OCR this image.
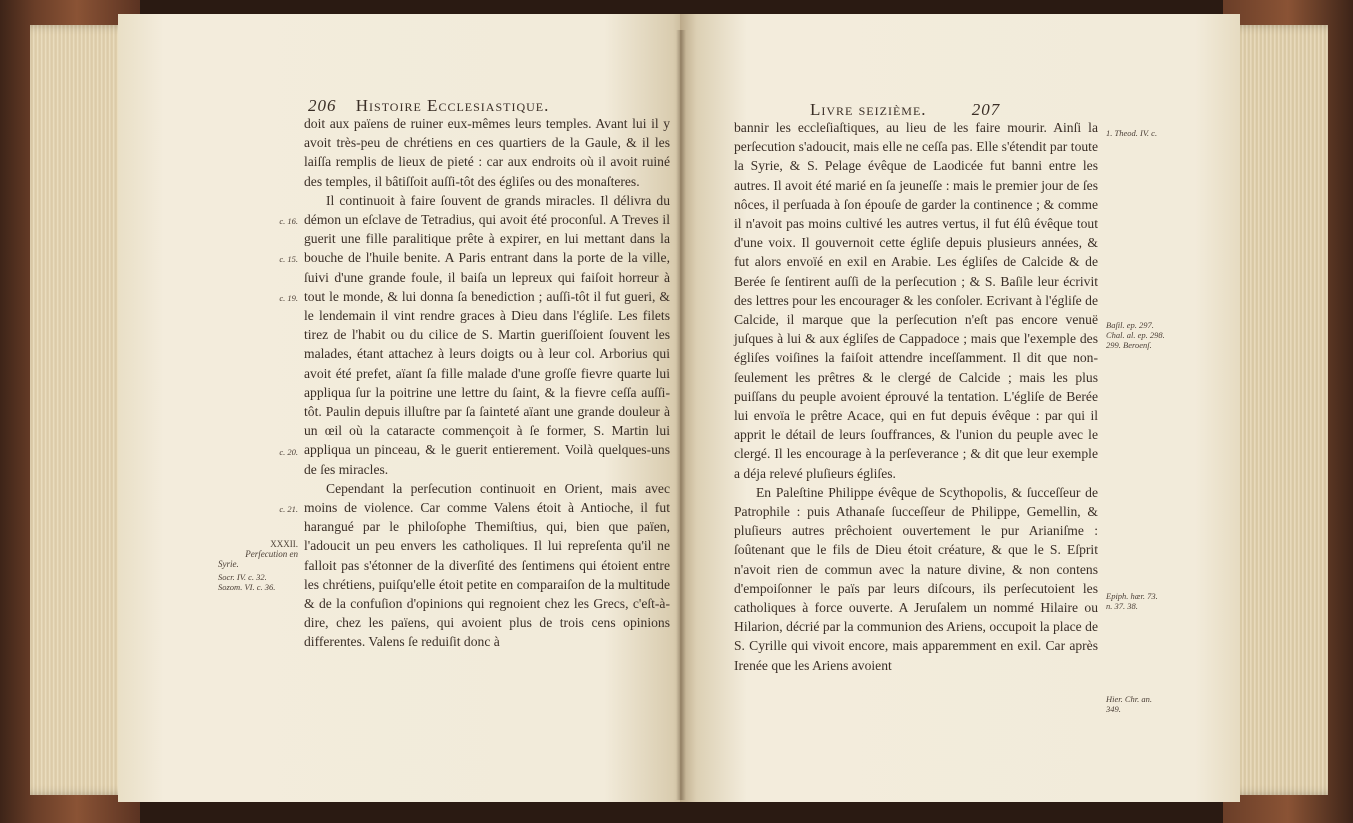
206 Histoire Ecclesiastique.

doit aux païens de ruiner eux-mêmes leurs temples. Avant lui il y avoit très-peu de chrétiens en ces quartiers de la Gaule, & il les laiſſa remplis de lieux de pieté : car aux endroits où il avoit ruiné des temples, il bâtiſſoit auſſi-tôt des égliſes ou des monaſteres.

Il continuoit à faire ſouvent de grands miracles. Il délivra du démon un eſclave de Tetradius, qui avoit été proconſul. A Treves il guerit une fille paralitique prête à expirer, en lui mettant dans la bouche de l'huile benite. A Paris entrant dans la porte de la ville, ſuivi d'une grande foule, il baiſa un lepreux qui faiſoit horreur à tout le monde, & lui donna ſa benediction ; auſſi-tôt il fut gueri, & le lendemain il vint rendre graces à Dieu dans l'égliſe. Les filets tirez de l'habit ou du cilice de S. Martin gueriſſoient ſouvent les malades, étant attachez à leurs doigts ou à leur col. Arborius qui avoit été prefet, aïant ſa fille malade d'une groſſe fievre quarte lui appliqua ſur la poitrine une lettre du ſaint, & la fievre ceſſa auſſi-tôt. Paulin depuis illuſtre par ſa ſainteté aïant une grande douleur à un œil où la cataracte commençoit à ſe former, S. Martin lui appliqua un pinceau, & le guerit entierement. Voilà quelques-uns de ſes miracles.

Cependant la perſecution continuoit en Orient, mais avec moins de violence. Car comme Valens étoit à Antioche, il fut harangué par le philoſophe Themiſtius, qui, bien que païen, l'adoucit un peu envers les catholiques. Il lui repreſenta qu'il ne falloit pas s'étonner de la diverſité des ſentimens qui étoient entre les chrétiens, puiſqu'elle étoit petite en comparaiſon de la multitude & de la confuſion d'opinions qui regnoient chez les Grecs, c'eſt-à-dire, chez les païens, qui avoient plus de trois cens opinions differentes. Valens ſe reduiſit donc à

c. 16.
c. 15.
c. 19.
c. 20.
c. 21.
XXXII.
Perſecution en
Syrie.
Socr. IV. c. 32.
Sozom. VI. c. 36.
Livre seizième.	207

bannir les eccleſiaſtiques, au lieu de les faire mourir. Ainſi la perſecution s'adoucit, mais elle ne ceſſa pas. Elle s'étendit par toute la Syrie, & S. Pelage évêque de Laodicée fut banni entre les autres. Il avoit été marié en ſa jeuneſſe : mais le premier jour de ſes nôces, il perſuada à ſon épouſe de garder la continence ; & comme il n'avoit pas moins cultivé les autres vertus, il fut élû évêque tout d'une voix. Il gouvernoit cette égliſe depuis plusieurs années, & fut alors envoïé en exil en Arabie. Les égliſes de Calcide & de Berée ſe ſentirent auſſi de la perſecution ; & S. Baſile leur écrivit des lettres pour les encourager & les conſoler. Ecrivant à l'égliſe de Calcide, il marque que la perſecution n'eſt pas encore venuë juſques à lui & aux égliſes de Cappadoce ; mais que l'exemple des égliſes voiſines la faiſoit attendre inceſſamment. Il dit que non-ſeulement les prêtres & le clergé de Calcide ; mais les plus puiſſans du peuple avoient éprouvé la tentation. L'égliſe de Berée lui envoïa le prêtre Acace, qui en fut depuis évêque : par qui il apprit le détail de leurs ſouffrances, & l'union du peuple avec le clergé. Il les encourage à la perſeverance ; & dit que leur exemple a déja relevé pluſieurs égliſes.

En Paleſtine Philippe évêque de Scythopolis, & ſucceſſeur de Patrophile : puis Athanaſe ſucceſſeur de Philippe, Gemellin, & pluſieurs autres prêchoient ouvertement le pur Arianiſme : ſoûtenant que le fils de Dieu étoit créature, & que le S. Eſprit n'avoit rien de commun avec la nature divine, & non contens d'empoiſonner le païs par leurs diſcours, ils perſecutoient les catholiques à force ouverte. A Jeruſalem un nommé Hilaire ou Hilarion, décrié par la communion des Ariens, occupoit la place de S. Cyrille qui vivoit encore, mais apparemment en exil. Car après Irenée que les Ariens avoient

1. Theod. IV. c.
Baſil. ep. 297.
Chal. al. ep. 298.
299. Beroenſ.
Epiph. hær. 73.
n. 37. 38.
Hier. Chr. an.
349.
